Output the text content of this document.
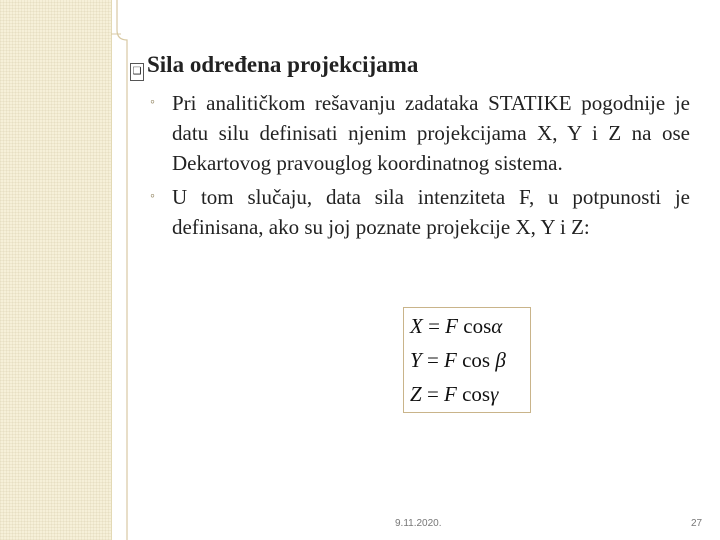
❑ Sila određena projekcijama
◦ Pri analitičkom rešavanju zadataka STATIKE pogodnije je datu silu definisati njenim projekcijama X, Y i Z na ose Dekartovog pravouglog koordinatnog sistema.
◦ U tom slučaju, data sila intenziteta F, u potpunosti je definisana, ako su joj poznate projekcije X, Y i Z:
X = F cosα
Y = F cos β
Z = F cosγ
9.11.2020.	27
